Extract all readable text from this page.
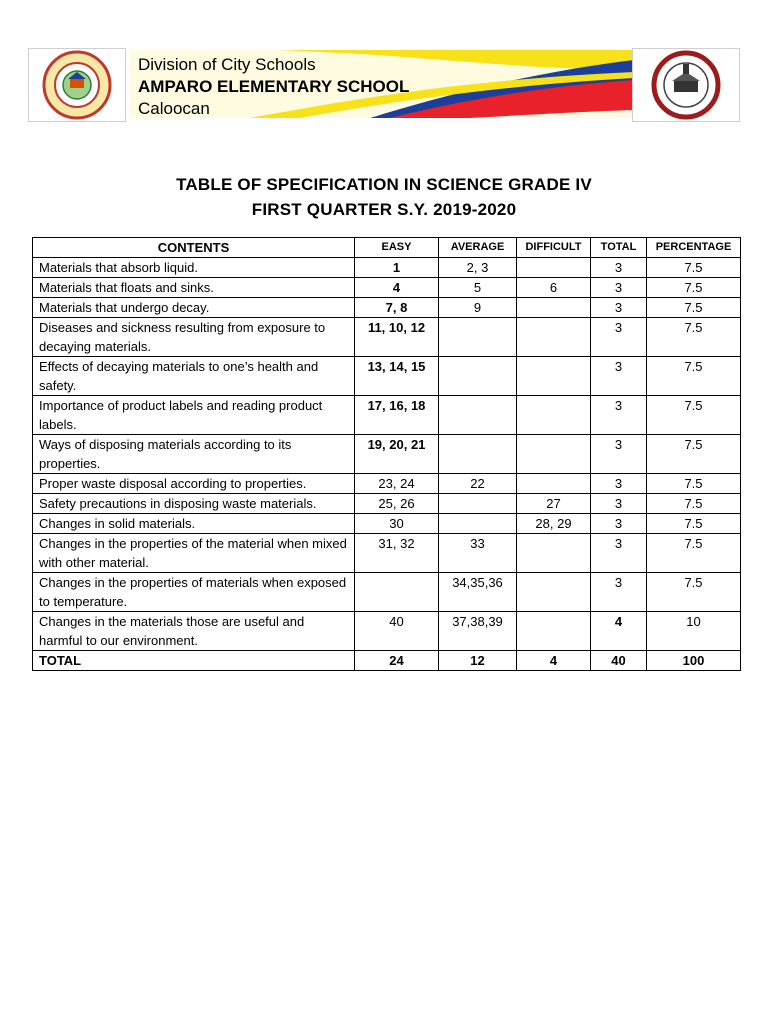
Division of City Schools
AMPARO ELEMENTARY SCHOOL
Caloocan
TABLE OF SPECIFICATION IN SCIENCE GRADE IV
FIRST QUARTER S.Y. 2019-2020
CONTENTS	EASY	AVERAGE	DIFFICULT	TOTAL	PERCENTAGE
Materials that absorb liquid.	1	2, 3		3	7.5
Materials that floats and sinks.	4	5	6	3	7.5
Materials that undergo decay.	7, 8	9		3	7.5
Diseases and sickness resulting from exposure to decaying materials.	11, 10, 12			3	7.5
Effects of decaying materials to one’s health and safety.	13, 14, 15			3	7.5
Importance of product labels and reading product labels.	17, 16, 18			3	7.5
Ways of disposing materials according to its properties.	19, 20, 21			3	7.5
Proper waste disposal according to properties.	23, 24	22		3	7.5
Safety precautions in disposing waste materials.	25, 26		27	3	7.5
Changes in solid materials.	30		28, 29	3	7.5
Changes in the properties of the material when mixed with other material.	31, 32	33		3	7.5
Changes in the properties of materials when exposed to temperature.		34,35,36		3	7.5
Changes in the materials those are useful and harmful to our environment.	40	37,38,39		4	10
TOTAL	24	12	4	40	100
